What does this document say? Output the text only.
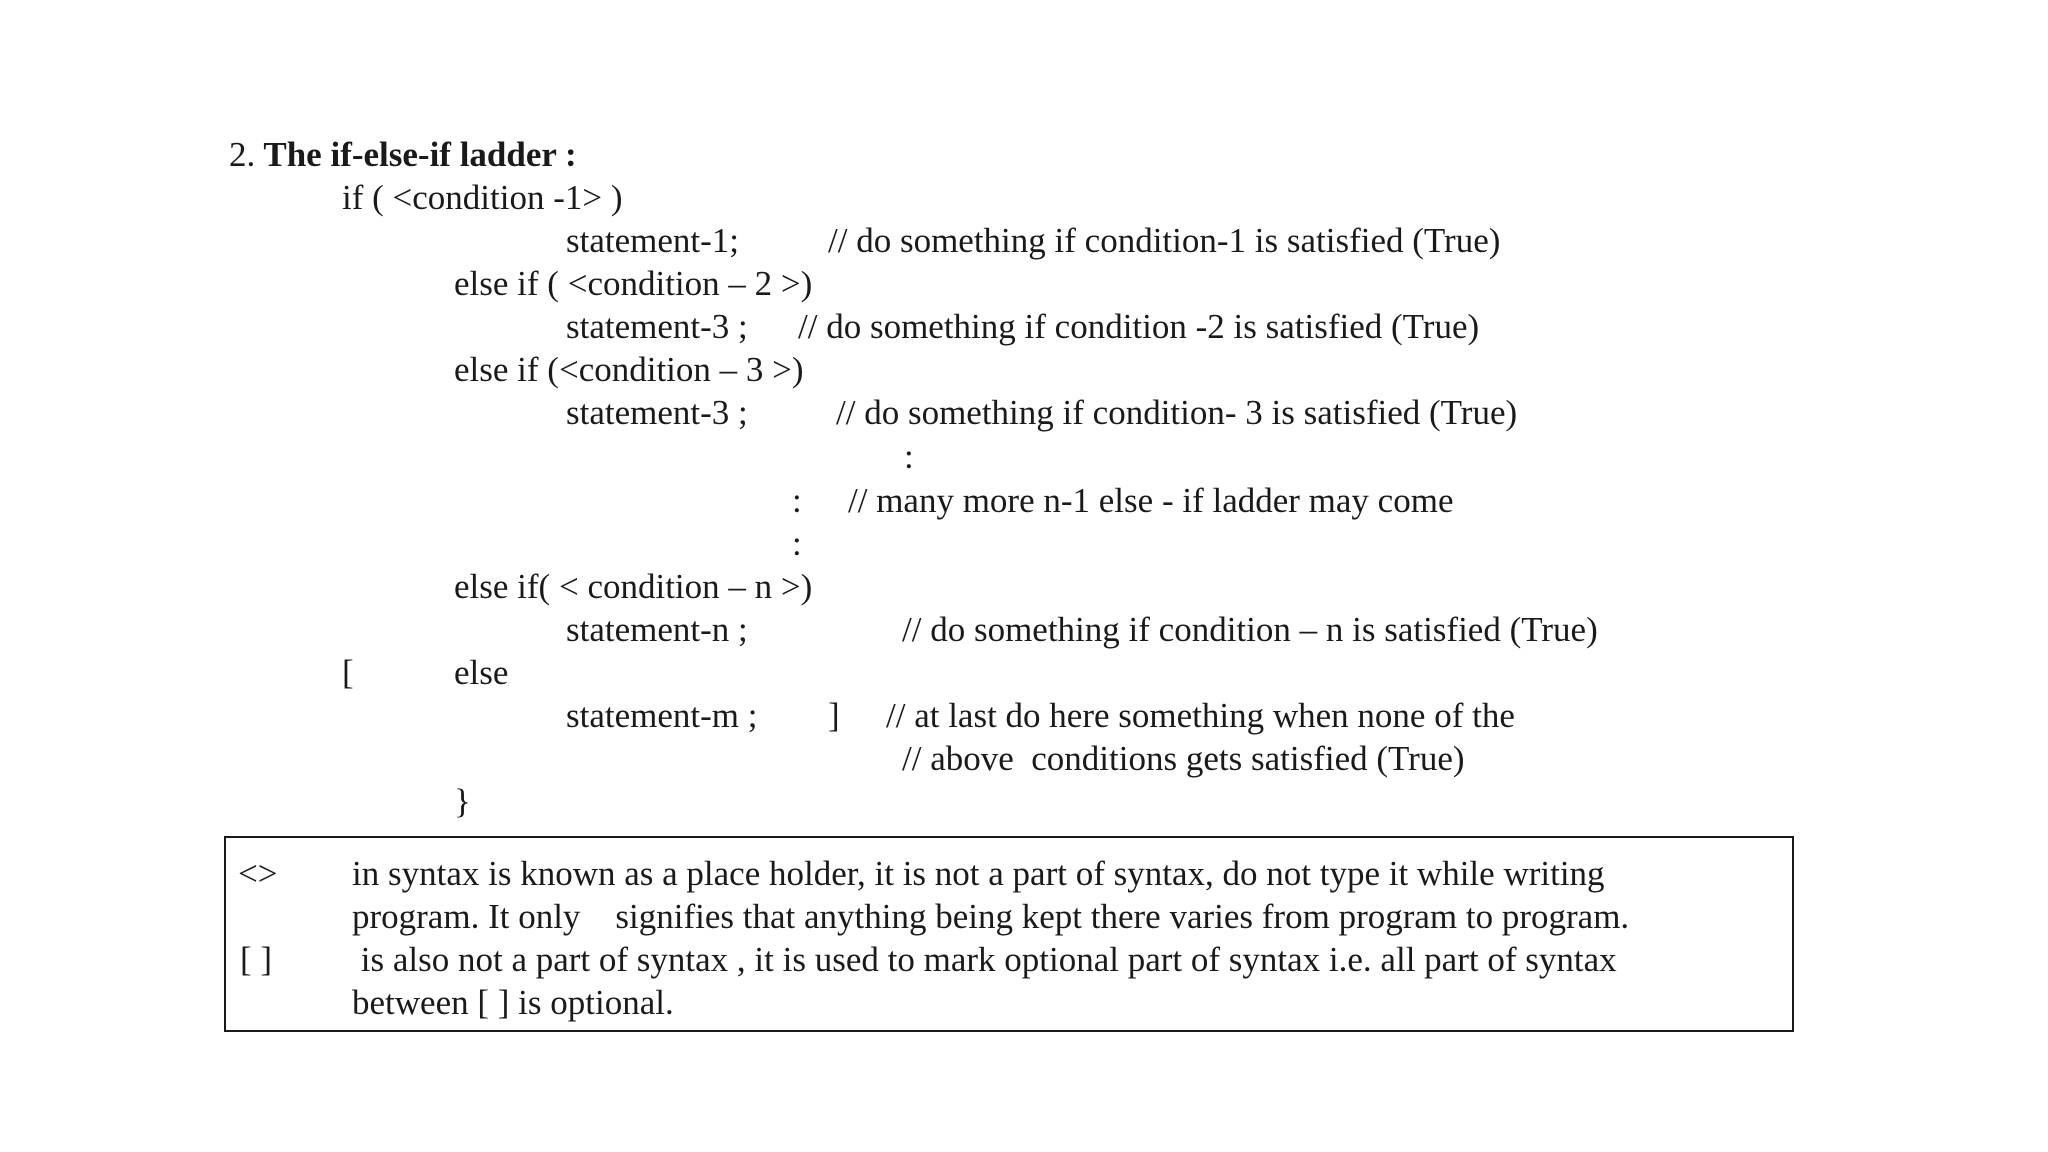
2. The if-else-if ladder :
if ( <condition -1> )
statement-1;	// do something if condition-1 is satisfied (True)
else if ( <condition – 2 >)
statement-3 ; // do something if condition -2 is satisfied (True)
else if (<condition – 3 >)
statement-3 ;	// do something if condition- 3 is satisfied (True)
:
: // many more n-1 else - if ladder may come
:
else if( < condition – n >)
statement-n ;	// do something if condition – n is satisfied (True)
[	else
statement-m ; ] // at last do here something when none of the
// above  conditions gets satisfied (True)
}
<> in syntax is known as a place holder, it is not a part of syntax, do not type it while writing
program. It only    signifies that anything being kept there varies from program to program.
[ ] is also not a part of syntax , it is used to mark optional part of syntax i.e. all part of syntax
between [ ] is optional.
